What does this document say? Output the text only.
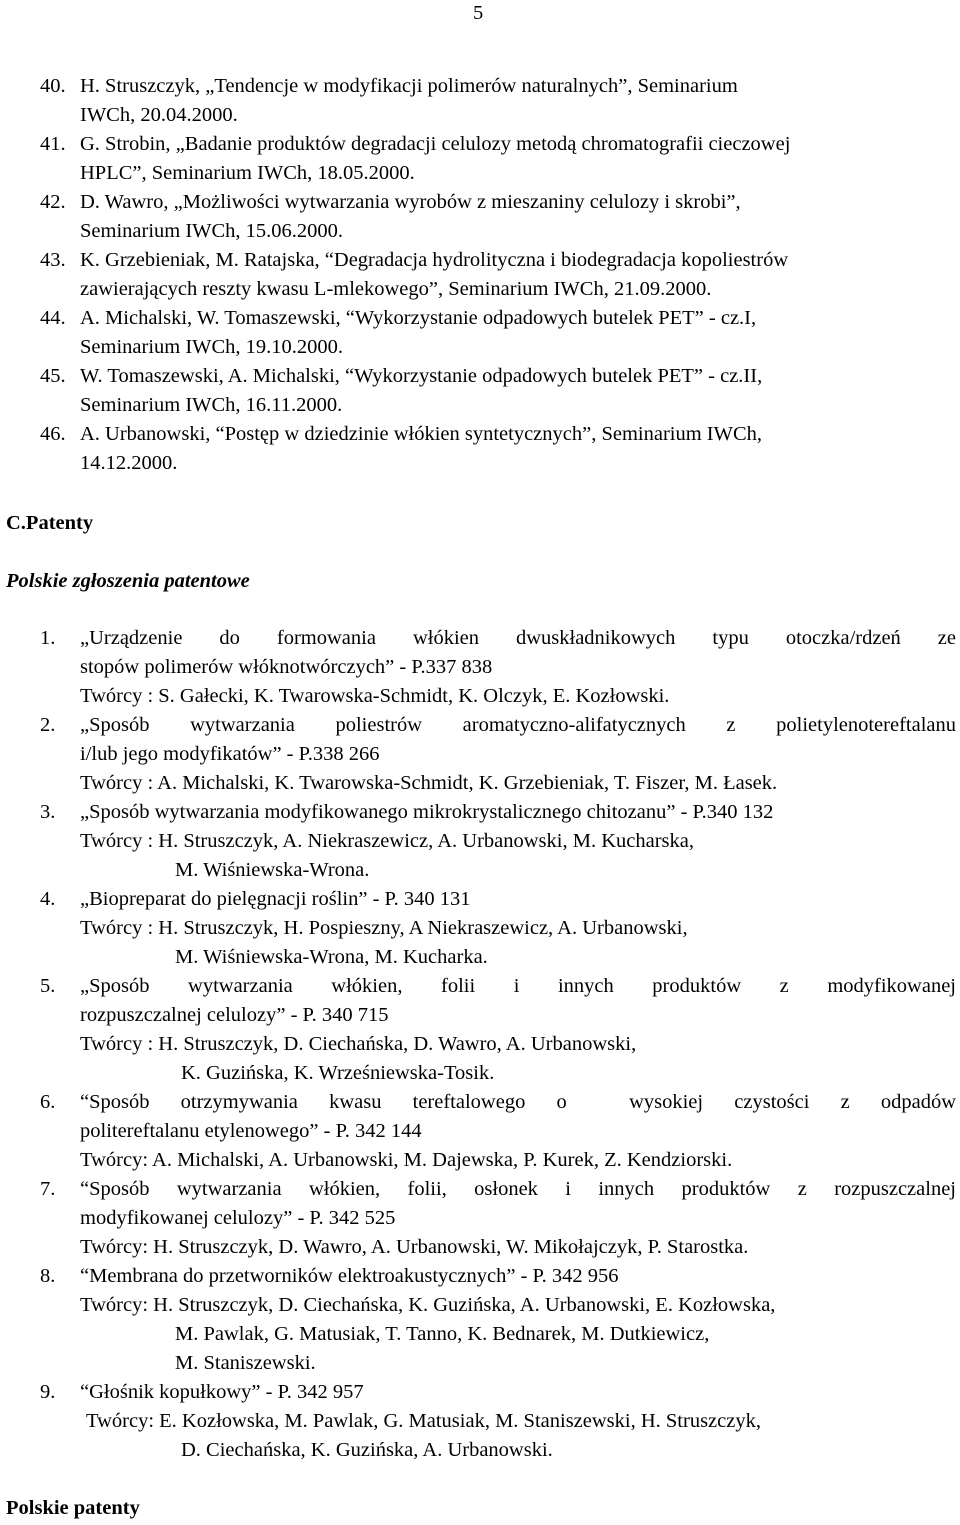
5
40. H. Struszczyk, „Tendencje w modyfikacji polimerów naturalnych”, Seminarium
IWCh, 20.04.2000.
41. G. Strobin, „Badanie produktów degradacji celulozy metodą chromatografii cieczowej
HPLC”, Seminarium IWCh, 18.05.2000.
42. D. Wawro, „Możliwości wytwarzania wyrobów z mieszaniny celulozy i skrobi”,
Seminarium IWCh, 15.06.2000.
43. K. Grzebieniak, M. Ratajska, “Degradacja hydrolityczna i biodegradacja kopoliestrów
zawierających reszty kwasu L-mlekowego”, Seminarium IWCh, 21.09.2000.
44. A. Michalski, W. Tomaszewski, “Wykorzystanie odpadowych butelek PET” - cz.I,
Seminarium IWCh, 19.10.2000.
45. W. Tomaszewski, A. Michalski, “Wykorzystanie odpadowych butelek PET” - cz.II,
Seminarium IWCh, 16.11.2000.
46. A. Urbanowski, “Postęp w dziedzinie włókien syntetycznych”, Seminarium IWCh,
14.12.2000.
C.Patenty
Polskie zgłoszenia patentowe
1.	„Urządzenie do formowania włókien dwuskładnikowych typu otoczka/rdzeń ze
stopów polimerów włóknotwórczych” - P.337 838
Twórcy : S. Gałecki, K. Twarowska-Schmidt, K. Olczyk, E. Kozłowski.
2.	„Sposób wytwarzania poliestrów aromatyczno-alifatycznych z polietylenotereftalanu
i/lub jego modyfikatów” - P.338 266
Twórcy : A. Michalski, K. Twarowska-Schmidt, K. Grzebieniak, T. Fiszer, M. Łasek.
3.	„Sposób wytwarzania modyfikowanego mikrokrystalicznego chitozanu” - P.340 132
Twórcy : H. Struszczyk, A. Niekraszewicz, A. Urbanowski, M. Kucharska,
M. Wiśniewska-Wrona.
4.	„Biopreparat do pielęgnacji roślin” - P. 340 131
Twórcy : H. Struszczyk, H. Pospieszny, A Niekraszewicz, A. Urbanowski,
M. Wiśniewska-Wrona, M. Kucharka.
5.	„Sposób wytwarzania włókien, folii i innych produktów z modyfikowanej
rozpuszczalnej celulozy” - P. 340 715
Twórcy : H. Struszczyk, D. Ciechańska, D. Wawro, A. Urbanowski,
K. Guzińska, K. Wrześniewska-Tosik.
6.	“Sposób otrzymywania kwasu tereftalowego o  wysokiej czystości z odpadów
politereftalanu etylenowego” - P. 342 144
Twórcy: A. Michalski, A. Urbanowski, M. Dajewska, P. Kurek, Z. Kendziorski.
7.	“Sposób wytwarzania włókien, folii, osłonek i innych produktów z rozpuszczalnej
modyfikowanej celulozy” - P. 342 525
Twórcy: H. Struszczyk, D. Wawro, A. Urbanowski, W. Mikołajczyk, P. Starostka.
8.	“Membrana do przetworników elektroakustycznych” - P. 342 956
Twórcy: H. Struszczyk, D. Ciechańska, K. Guzińska, A. Urbanowski, E. Kozłowska,
M. Pawlak, G. Matusiak, T. Tanno, K. Bednarek, M. Dutkiewicz,
M. Staniszewski.
9.	“Głośnik kopułkowy” - P. 342 957
Twórcy: E. Kozłowska, M. Pawlak, G. Matusiak, M. Staniszewski, H. Struszczyk,
D. Ciechańska, K. Guzińska, A. Urbanowski.
Polskie patenty
